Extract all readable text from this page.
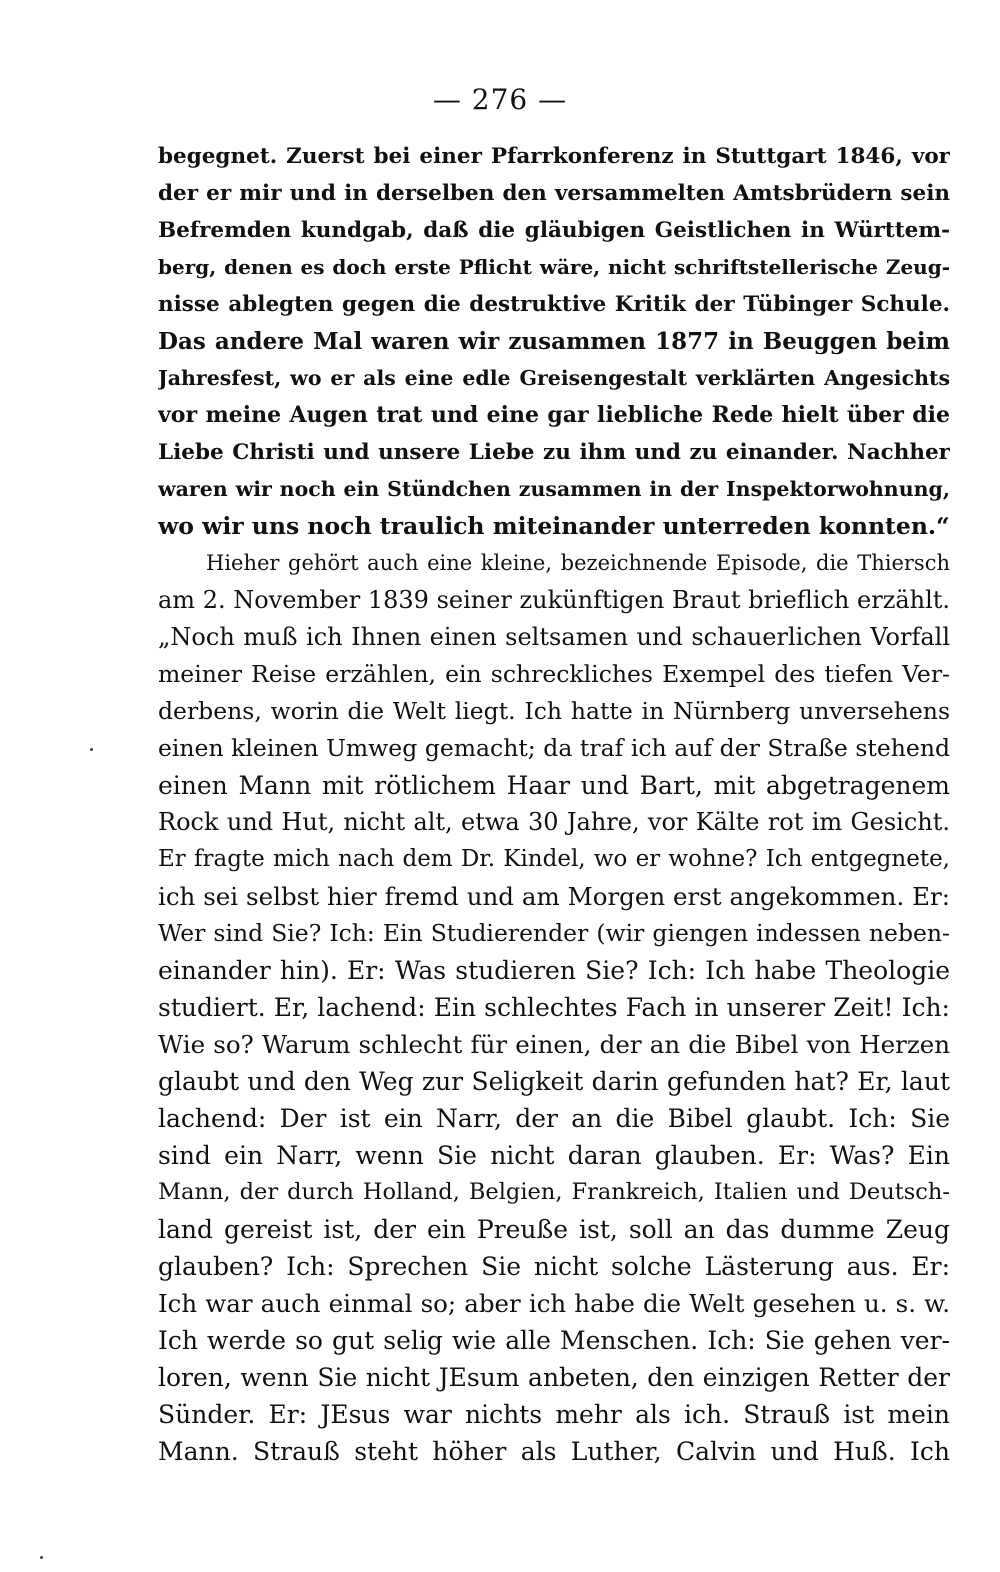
— 276 —
begegnet. Zuerst bei einer Pfarrkonferenz in Stuttgart 1846, vor
der er mir und in derselben den versammelten Amtsbrüdern sein
Befremden kundgab, daß die gläubigen Geistlichen in Württem-
berg, denen es doch erste Pflicht wäre, nicht schriftstellerische Zeug-
nisse ablegten gegen die destruktive Kritik der Tübinger Schule.
Das andere Mal waren wir zusammen 1877 in Beuggen beim
Jahresfest, wo er als eine edle Greisengestalt verklärten Angesichts
vor meine Augen trat und eine gar liebliche Rede hielt über die
Liebe Christi und unsere Liebe zu ihm und zu einander. Nachher
waren wir noch ein Stündchen zusammen in der Inspektorwohnung,
wo wir uns noch traulich miteinander unterreden konnten.“
Hieher gehört auch eine kleine, bezeichnende Episode, die Thiersch
am 2. November 1839 seiner zukünftigen Braut brieflich erzählt.
„Noch muß ich Ihnen einen seltsamen und schauerlichen Vorfall
meiner Reise erzählen, ein schreckliches Exempel des tiefen Ver-
derbens, worin die Welt liegt. Ich hatte in Nürnberg unversehens
einen kleinen Umweg gemacht; da traf ich auf der Straße stehend
einen Mann mit rötlichem Haar und Bart, mit abgetragenem
Rock und Hut, nicht alt, etwa 30 Jahre, vor Kälte rot im Gesicht.
Er fragte mich nach dem Dr. Kindel, wo er wohne? Ich entgegnete,
ich sei selbst hier fremd und am Morgen erst angekommen. Er:
Wer sind Sie? Ich: Ein Studierender (wir giengen indessen neben-
einander hin). Er: Was studieren Sie? Ich: Ich habe Theologie
studiert. Er, lachend: Ein schlechtes Fach in unserer Zeit! Ich:
Wie so? Warum schlecht für einen, der an die Bibel von Herzen
glaubt und den Weg zur Seligkeit darin gefunden hat? Er, laut
lachend: Der ist ein Narr, der an die Bibel glaubt. Ich: Sie
sind ein Narr, wenn Sie nicht daran glauben. Er: Was? Ein
Mann, der durch Holland, Belgien, Frankreich, Italien und Deutsch-
land gereist ist, der ein Preuße ist, soll an das dumme Zeug
glauben? Ich: Sprechen Sie nicht solche Lästerung aus. Er:
Ich war auch einmal so; aber ich habe die Welt gesehen u. s. w.
Ich werde so gut selig wie alle Menschen. Ich: Sie gehen ver-
loren, wenn Sie nicht JEsum anbeten, den einzigen Retter der
Sünder. Er: JEsus war nichts mehr als ich. Strauß ist mein
Mann. Strauß steht höher als Luther, Calvin und Huß. Ich
